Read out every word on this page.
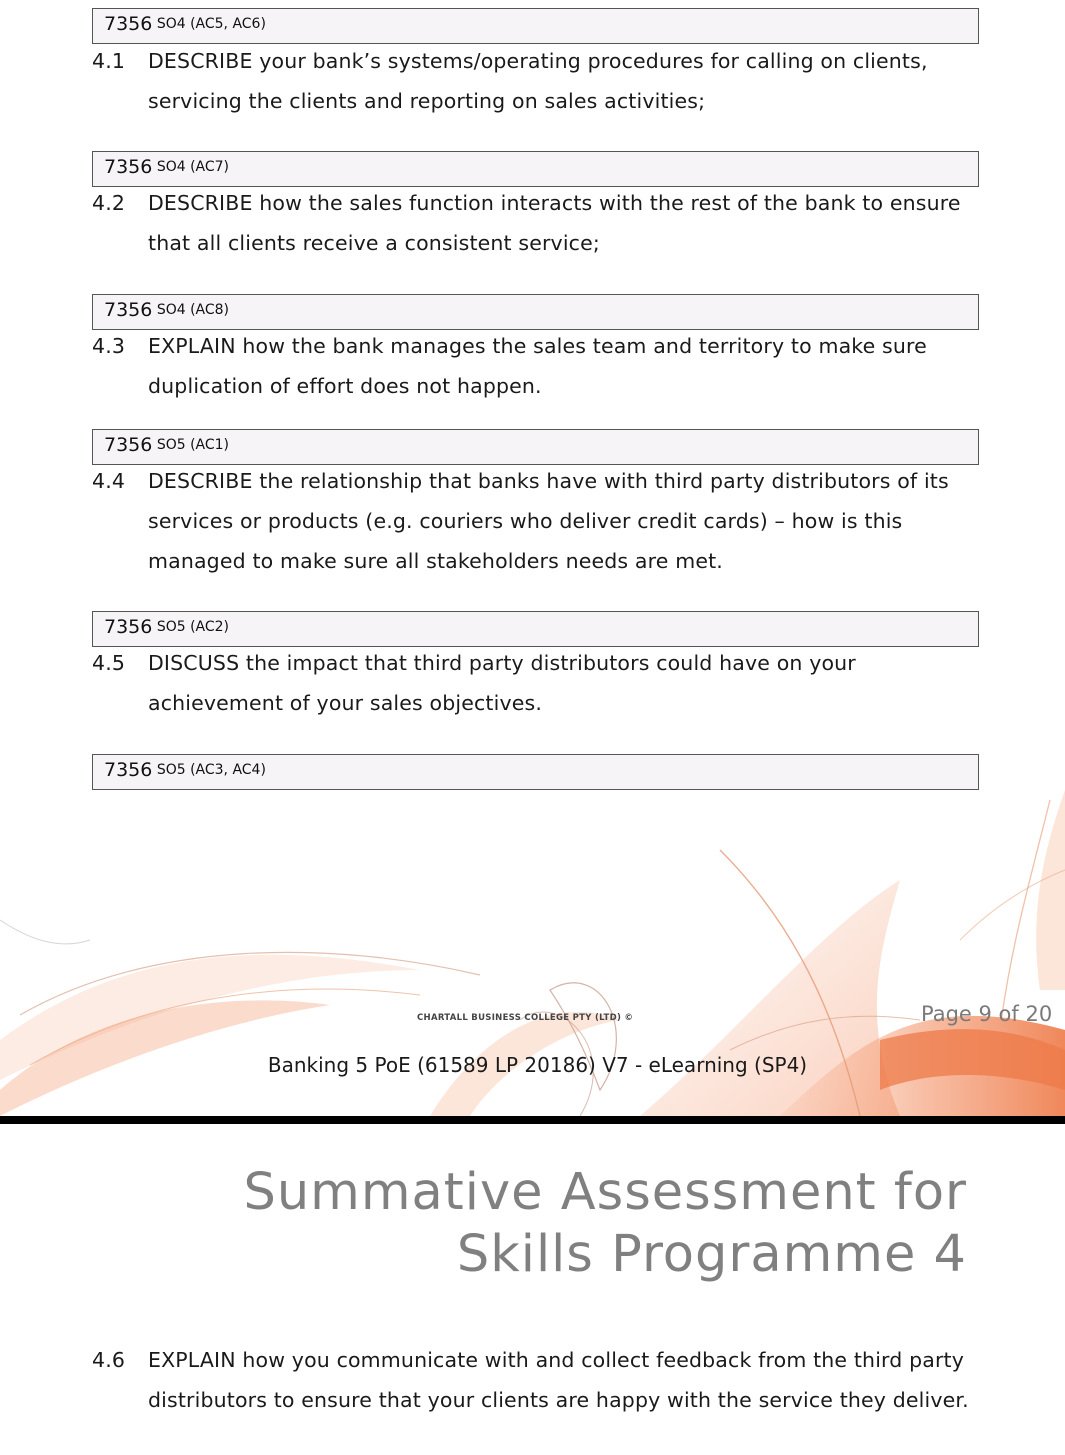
7356 SO4 (AC5, AC6)
4.1	DESCRIBE your bank’s systems/operating procedures for calling on clients, servicing the clients and reporting on sales activities;
7356 SO4 (AC7)
4.2	DESCRIBE how the sales function interacts with the rest of the bank to ensure that all clients receive a consistent service;
7356 SO4 (AC8)
4.3	EXPLAIN how the bank manages the sales team and territory to make sure duplication of effort does not happen.
7356 SO5 (AC1)
4.4	DESCRIBE the relationship that banks have with third party distributors of its services or products (e.g. couriers who deliver credit cards) – how is this managed to make sure all stakeholders needs are met.
7356 SO5 (AC2)
4.5	DISCUSS the impact that third party distributors could have on your achievement of your sales objectives.
7356 SO5 (AC3, AC4)
CHARTALL BUSINESS COLLEGE PTY (LTD) ©	Page 9 of 20
Banking 5 PoE (61589 LP 20186) V7 - eLearning (SP4)
Summative Assessment for
Skills Programme 4
4.6	EXPLAIN how you communicate with and collect feedback from the third party distributors to ensure that your clients are happy with the service they deliver.
